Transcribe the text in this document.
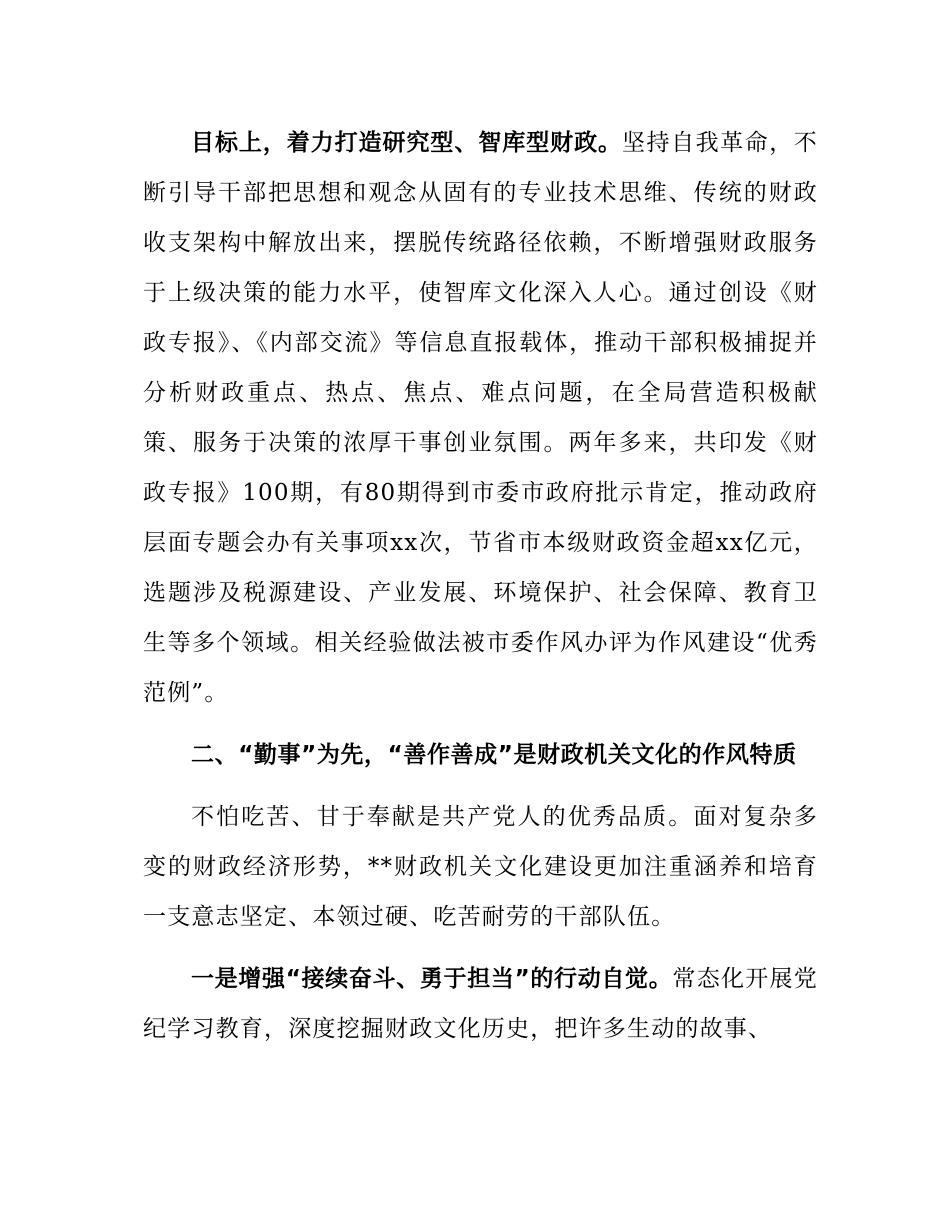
目标上，着力打造研究型、智库型财政。坚持自我革命，不断引导干部把思想和观念从固有的专业技术思维、传统的财政收支架构中解放出来，摆脱传统路径依赖，不断增强财政服务于上级决策的能力水平，使智库文化深入人心。通过创设《财政专报》、《内部交流》等信息直报载体，推动干部积极捕捉并分析财政重点、热点、焦点、难点问题，在全局营造积极献策、服务于决策的浓厚干事创业氛围。两年多来，共印发《财政专报》100期，有80期得到市委市政府批示肯定，推动政府层面专题会办有关事项xx次，节省市本级财政资金超xx亿元，选题涉及税源建设、产业发展、环境保护、社会保障、教育卫生等多个领域。相关经验做法被市委作风办评为作风建设“优秀范例”。

二、“勤事”为先，“善作善成”是财政机关文化的作风特质

不怕吃苦、甘于奉献是共产党人的优秀品质。面对复杂多变的财政经济形势，**财政机关文化建设更加注重涵养和培育一支意志坚定、本领过硬、吃苦耐劳的干部队伍。

一是增强“接续奋斗、勇于担当”的行动自觉。常态化开展党纪学习教育，深度挖掘财政文化历史，把许多生动的故事、
